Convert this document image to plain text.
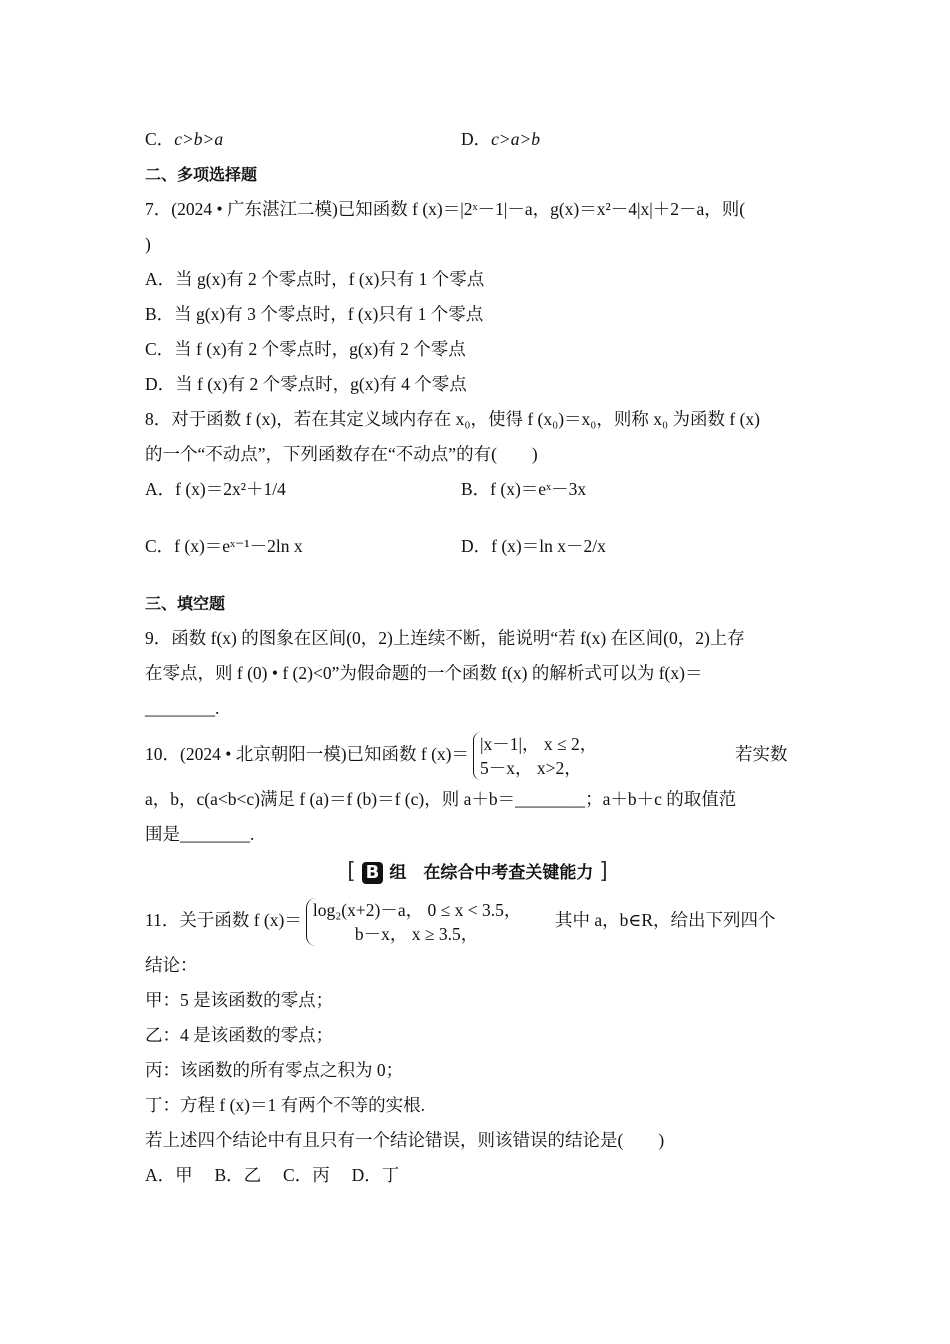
C．c>b>a	D．c>a>b
二、多项选择题
7．(2024 • 广东湛江二模)已知函数 f (x)＝|2ˣ－1|－a，g(x)＝x²－4|x|＋2－a，则(
)
A．当 g(x)有 2 个零点时，f (x)只有 1 个零点
B．当 g(x)有 3 个零点时，f (x)只有 1 个零点
C．当 f (x)有 2 个零点时，g(x)有 2 个零点
D．当 f (x)有 2 个零点时，g(x)有 4 个零点
8．对于函数 f (x)，若在其定义域内存在 x₀，使得 f (x₀)＝x₀，则称 x₀ 为函数 f (x)
的一个“不动点”，下列函数存在“不动点”的有(　　)
A．f (x)＝2x²＋1/4	B．f (x)＝eˣ－3x
C．f (x)＝eˣ⁻¹－2ln x	D．f (x)＝ln x－2/x
三、填空题
9．函数 f(x) 的图象在区间(0，2)上连续不断，能说明“若 f(x) 在区间(0，2)上存
在零点，则 f (0) • f (2)<0”为假命题的一个函数 f(x) 的解析式可以为 f(x)＝
________.
10．(2024 • 北京朝阳一模)已知函数 f (x)＝
|x－1|， x ≤ 2，
5－x， x>2，
若实数
a，b，c(a<b<c)满足 f (a)＝f (b)＝f (c)，则 a＋b＝________；a＋b＋c 的取值范
围是________.
[ B 组　在综合中考查关键能力 ]
11．关于函数 f (x)＝
log₂(x+2)－a， 0 ≤ x < 3.5，
b－x， x ≥ 3.5，
其中 a，b∈R，给出下列四个
结论：
甲：5 是该函数的零点；
乙：4 是该函数的零点；
丙：该函数的所有零点之积为 0；
丁：方程 f (x)＝1 有两个不等的实根.
若上述四个结论中有且只有一个结论错误，则该错误的结论是(　　)
A．甲　 B．乙　 C．丙　 D．丁
